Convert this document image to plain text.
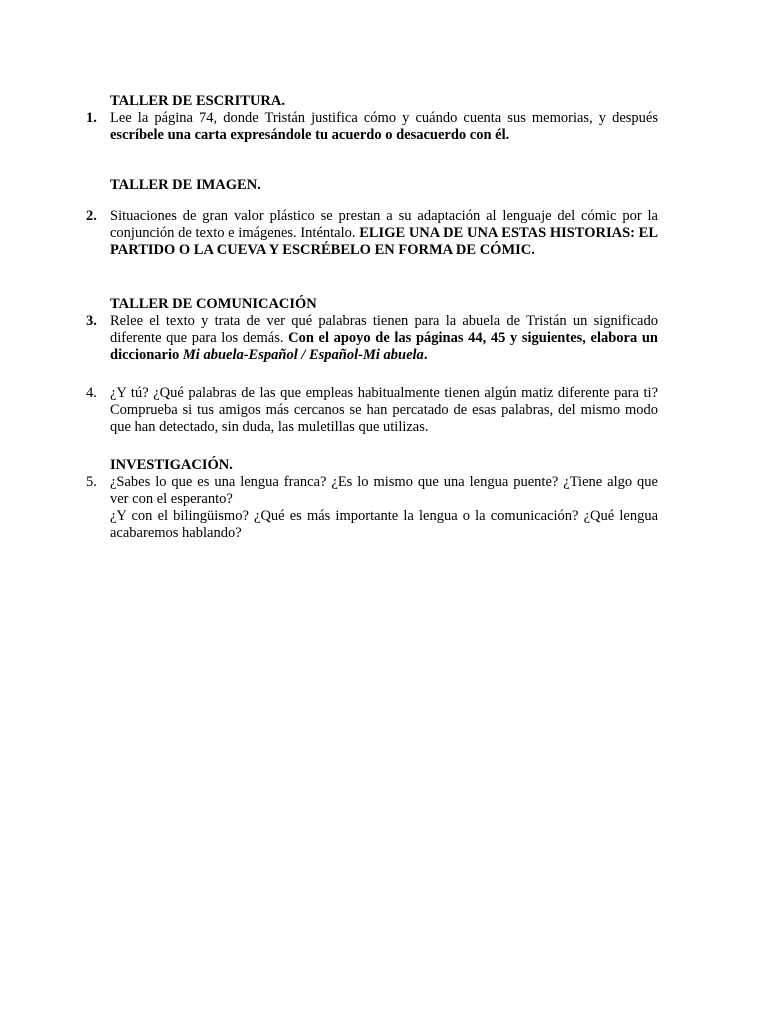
TALLER DE ESCRITURA.
1. Lee la página 74, donde Tristán justifica cómo y cuándo cuenta sus memorias, y después escríbele una carta expresándole tu acuerdo o desacuerdo con él.

TALLER DE IMAGEN.
2. Situaciones de gran valor plástico se prestan a su adaptación al lenguaje del cómic por la conjunción de texto e imágenes. Inténtalo. ELIGE UNA DE UNA ESTAS HISTORIAS: EL PARTIDO O LA CUEVA Y ESCRÉBELO EN FORMA DE CÓMIC.

TALLER DE COMUNICACIÓN
3. Relee el texto y trata de ver qué palabras tienen para la abuela de Tristán un significado diferente que para los demás. Con el apoyo de las páginas 44, 45 y siguientes, elabora un diccionario Mi abuela-Español / Español-Mi abuela.

4. ¿Y tú? ¿Qué palabras de las que empleas habitualmente tienen algún matiz diferente para ti? Comprueba si tus amigos más cercanos se han percatado de esas palabras, del mismo modo que han detectado, sin duda, las muletillas que utilizas.

INVESTIGACIÓN.
5. ¿Sabes lo que es una lengua franca? ¿Es lo mismo que una lengua puente? ¿Tiene algo que ver con el esperanto?

¿Y con el bilingüismo? ¿Qué es más importante la lengua o la comunicación? ¿Qué lengua acabaremos hablando?
